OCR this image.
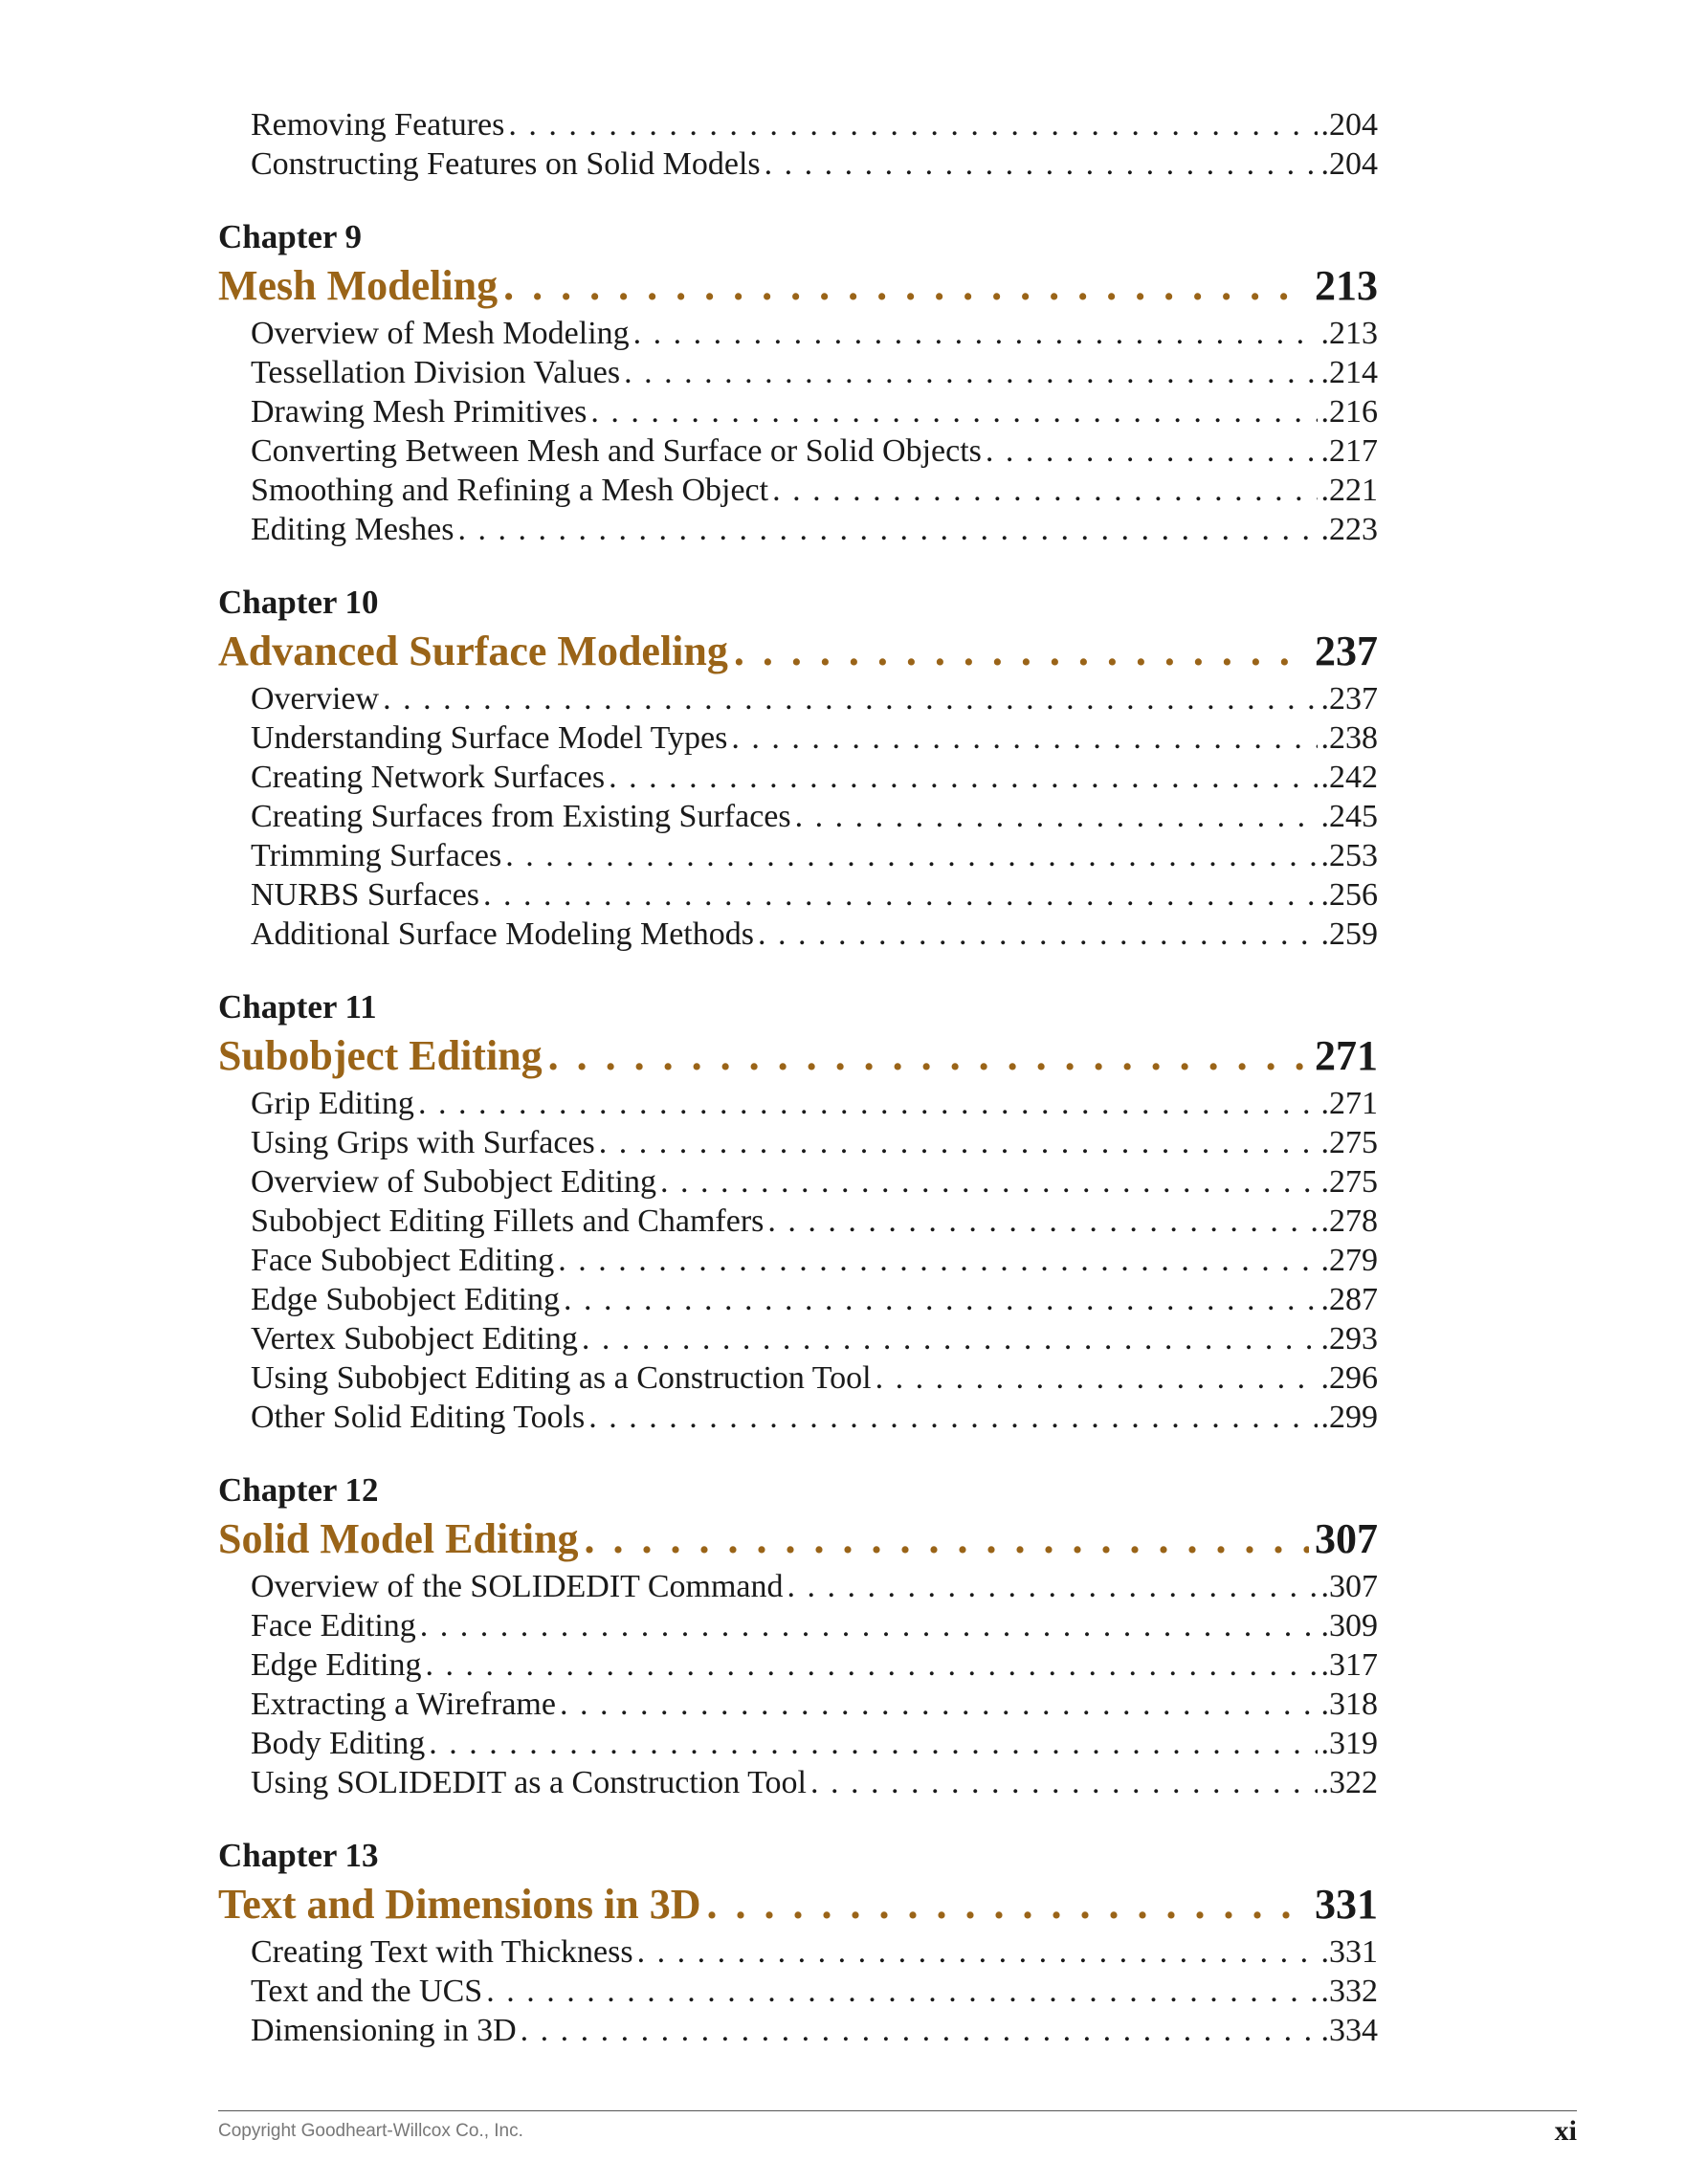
Removing Features . . .	.204
Constructing Features on Solid Models . . .	.204
Chapter 9
Mesh Modeling . . .	213
Overview of Mesh Modeling . . .	.213
Tessellation Division Values . . .	.214
Drawing Mesh Primitives . . .	.216
Converting Between Mesh and Surface or Solid Objects . . .	.217
Smoothing and Refining a Mesh Object . . .	.221
Editing Meshes . . .	.223
Chapter 10
Advanced Surface Modeling . . .	237
Overview . . .	.237
Understanding Surface Model Types . . .	.238
Creating Network Surfaces . . .	.242
Creating Surfaces from Existing Surfaces . . .	.245
Trimming Surfaces . . .	.253
NURBS Surfaces . . .	.256
Additional Surface Modeling Methods . . .	.259
Chapter 11
Subobject Editing . . .	271
Grip Editing . . .	.271
Using Grips with Surfaces . . .	.275
Overview of Subobject Editing . . .	.275
Subobject Editing Fillets and Chamfers . . .	.278
Face Subobject Editing . . .	.279
Edge Subobject Editing . . .	.287
Vertex Subobject Editing . . .	.293
Using Subobject Editing as a Construction Tool . . .	.296
Other Solid Editing Tools . . .	.299
Chapter 12
Solid Model Editing . . .	307
Overview of the SOLIDEDIT Command . . .	.307
Face Editing . . .	.309
Edge Editing . . .	.317
Extracting a Wireframe . . .	.318
Body Editing . . .	.319
Using SOLIDEDIT as a Construction Tool . . .	.322
Chapter 13
Text and Dimensions in 3D . . .	331
Creating Text with Thickness . . .	.331
Text and the UCS . . .	.332
Dimensioning in 3D . . .	.334
Copyright Goodheart-Willcox Co., Inc.	xi
